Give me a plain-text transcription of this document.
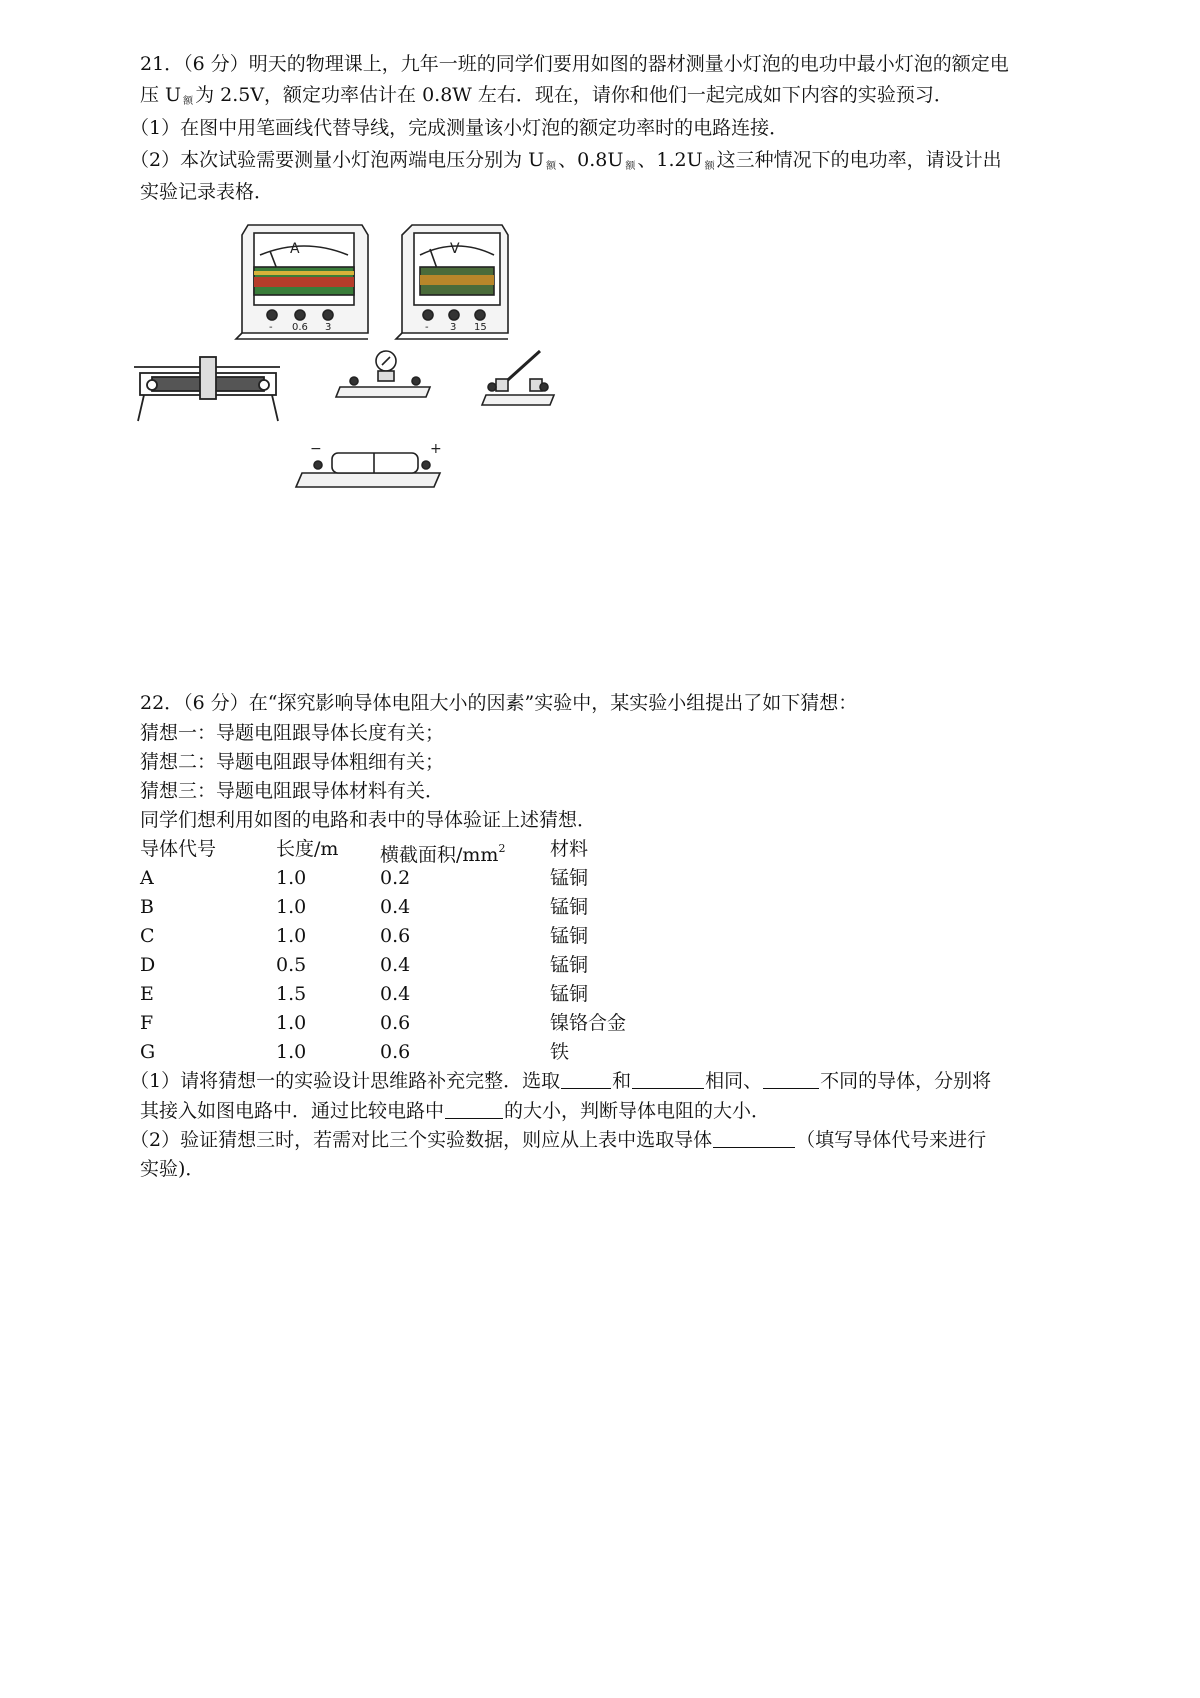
21．（6 分）明天的物理课上，九年一班的同学们要用如图的器材测量小灯泡的电功中最小灯泡的额定电
压 U $_额$ 为 2.5V，额定功率估计在 0.8W 左右．现在，请你和他们一起完成如下内容的实验预习．
（1）在图中用笔画线代替导线，完成测量该小灯泡的额定功率时的电路连接．
（2）本次试验需要测量小灯泡两端电压分别为 U $_额$ 、0.8U $_额$ 、1.2U $_额$ 这三种情况下的电功率，请设计出
实验记录表格．
A
- 0.6 3
V
- 3 15
−	+
22．（6 分）在“探究影响导体电阻大小的因素”实验中，某实验小组提出了如下猜想：
猜想一：导题电阻跟导体长度有关；
猜想二：导题电阻跟导体粗细有关；
猜想三：导题电阻跟导体材料有关．
同学们想利用如图的电路和表中的导体验证上述猜想．
导体代号	长度/m 横截面积$/mm^2$ 材料
A	1.0	0.2	锰铜
B	1.0	0.4	锰铜
C	1.0	0.6	锰铜
D	0.5	0.4	锰铜
E	1.5	0.4	锰铜
F	1.0	0.6	镍铬合金
G	1.0	0.6	铁
（1）请将猜想一的实验设计思维路补充完整．选取	和	相同、	不同的导体，分别将
其接入如图电路中．通过比较电路中	的大小，判断导体电阻的大小．
（2）验证猜想三时，若需对比三个实验数据，则应从上表中选取导体	（填写导体代号来进行
实验)．
